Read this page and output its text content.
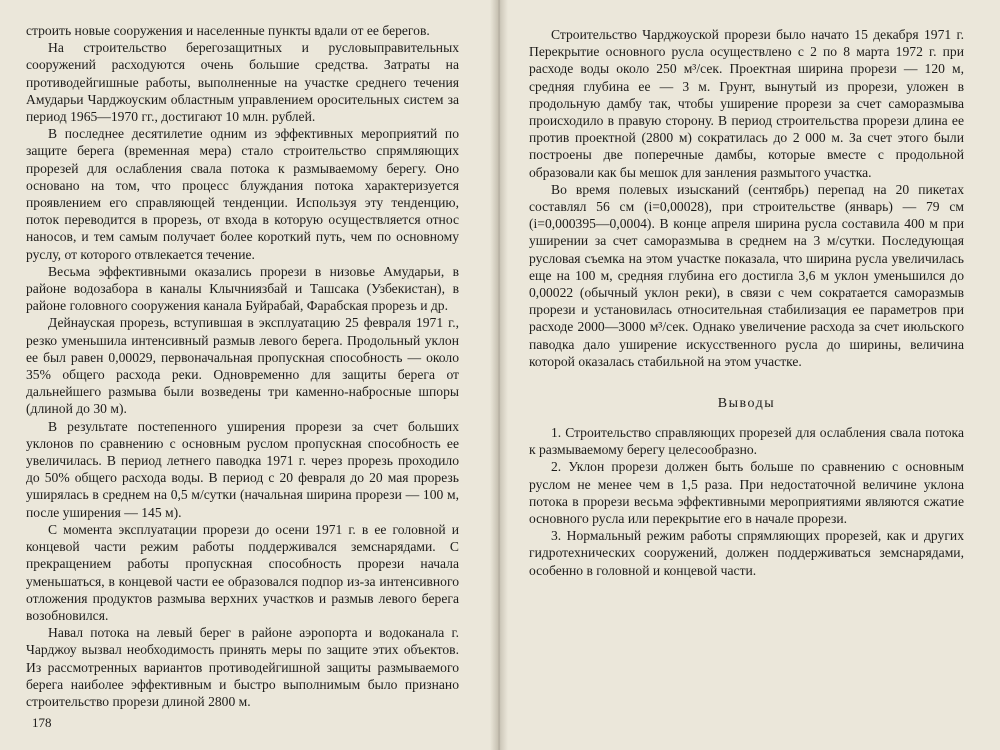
строить новые сооружения и населенные пункты вдали от ее берегов.

На строительство берегозащитных и русловыправительных сооружений расходуются очень большие средства. Затраты на противодейгишные работы, выполненные на участке среднего течения Амударьи Чарджоуским областным управлением оросительных систем за период 1965—1970 гг., достигают 10 млн. рублей.

В последнее десятилетие одним из эффективных мероприятий по защите берега (временная мера) стало строительство спрямляющих прорезей для ослабления свала потока к размываемому берегу. Оно основано на том, что процесс блуждания потока характеризуется проявлением его справляющей тенденции. Используя эту тенденцию, поток переводится в прорезь, от входа в которую осуществляется относ наносов, и тем самым получает более короткий путь, чем по основному руслу, от которого отвлекается течение.

Весьма эффективными оказались прорези в низовье Амударьи, в районе водозабора в каналы Клычниязбай и Ташсака (Узбекистан), в районе головного сооружения канала Буйрабай, Фарабская прорезь и др.

Дейнауская прорезь, вступившая в эксплуатацию 25 февраля 1971 г., резко уменьшила интенсивный размыв левого берега. Продольный уклон ее был равен 0,00029, первоначальная пропускная способность — около 35% общего расхода реки. Одновременно для защиты берега от дальнейшего размыва были возведены три каменно-набросные шпоры (длиной до 30 м).

В результате постепенного уширения прорези за счет больших уклонов по сравнению с основным руслом пропускная способность ее увеличилась. В период летнего паводка 1971 г. через прорезь проходило до 50% общего расхода воды. В период с 20 февраля до 20 мая прорезь уширялась в среднем на 0,5 м/сутки (начальная ширина прорези — 100 м, после уширения — 145 м).

С момента эксплуатации прорези до осени 1971 г. в ее головной и концевой части режим работы поддерживался земснарядами. С прекращением работы пропускная способность прорези начала уменьшаться, в концевой части ее образовался подпор из-за интенсивного отложения продуктов размыва верхних участков и размыв левого берега возобновился.

Навал потока на левый берег в районе аэропорта и водоканала г. Чарджоу вызвал необходимость принять меры по защите этих объектов. Из рассмотренных вариантов противодейгишной защиты размываемого берега наиболее эффективным и быстро выполнимым было признано строительство прорези длиной 2800 м.

178

Строительство Чарджоуской прорези было начато 15 декабря 1971 г. Перекрытие основного русла осуществлено с 2 по 8 марта 1972 г. при расходе воды около 250 м³/сек. Проектная ширина прорези — 120 м, средняя глубина ее — 3 м. Грунт, вынутый из прорези, уложен в продольную дамбу так, чтобы уширение прорези за счет саморазмыва происходило в правую сторону. В период строительства прорези длина ее против проектной (2800 м) сократилась до 2 000 м. За счет этого были построены две поперечные дамбы, которые вместе с продольной образовали как бы мешок для занления размытого участка.

Во время полевых изысканий (сентябрь) перепад на 20 пикетах составлял 56 см (i=0,00028), при строительстве (январь) — 79 см (i=0,000395—0,0004). В конце апреля ширина русла составила 400 м при уширении за счет саморазмыва в среднем на 3 м/сутки. Последующая русловая съемка на этом участке показала, что ширина русла увеличилась еще на 100 м, средняя глубина его достигла 3,6 м уклон уменьшился до 0,00022 (обычный уклон реки), в связи с чем сократается саморазмыв прорези и установилась относительная стабилизация ее параметров при расходе 2000—3000 м³/сек. Однако увеличение расхода за счет июльского паводка дало уширение искусственного русла до ширины, величина которой оказалась стабильной на этом участке.

Выводы

1. Строительство справляющих прорезей для ослабления свала потока к размываемому берегу целесообразно.

2. Уклон прорези должен быть больше по сравнению с основным руслом не менее чем в 1,5 раза. При недостаточной величине уклона потока в прорези весьма эффективными мероприятиями являются сжатие основного русла или перекрытие его в начале прорези.

3. Нормальный режим работы спрямляющих прорезей, как и других гидротехнических сооружений, должен поддерживаться земснарядами, особенно в головной и концевой части.
